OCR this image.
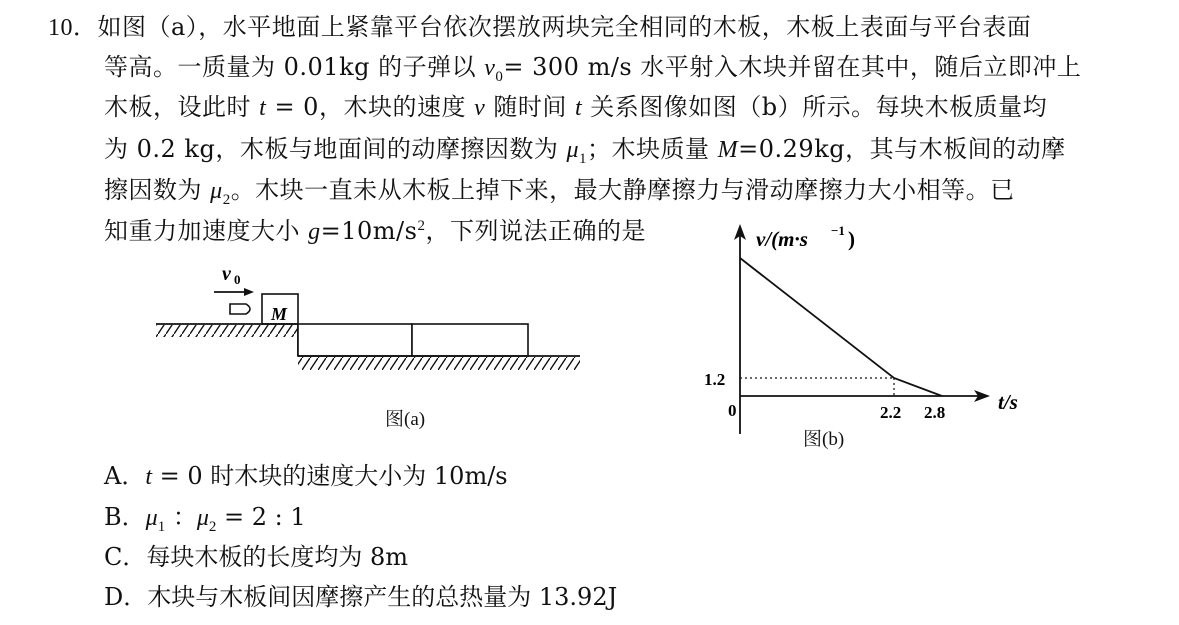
10．如图（a），水平地面上紧靠平台依次摆放两块完全相同的木板，木板上表面与平台表面
等高。一质量为 0.01kg 的子弹以 $v_0= 300$ m/s 水平射入木块并留在其中，随后立即冲上
木板，设此时 t = 0，木块的速度 v 随时间 t 关系图像如图（b）所示。每块木板质量均
为 0.2 kg，木板与地面间的动摩擦因数为 $\mu_1$；木块质量 M=0.29kg，其与木板间的动摩
擦因数为 $\mu_2$。木块一直未从木板上掉下来，最大静摩擦力与滑动摩擦力大小相等。已
知重力加速度大小 $g=10m/s^2$，下列说法正确的是
v 0
M
图(a)
v/(m·s −1 )
t/s
0
1.2
2.2 2.8
图(b)
A．t = 0 时木块的速度大小为 10m/s
B．$\mu_1$ ：$\mu_2 = 2$ : 1
C．每块木板的长度均为 8m
D．木块与木板间因摩擦产生的总热量为 13.92J
